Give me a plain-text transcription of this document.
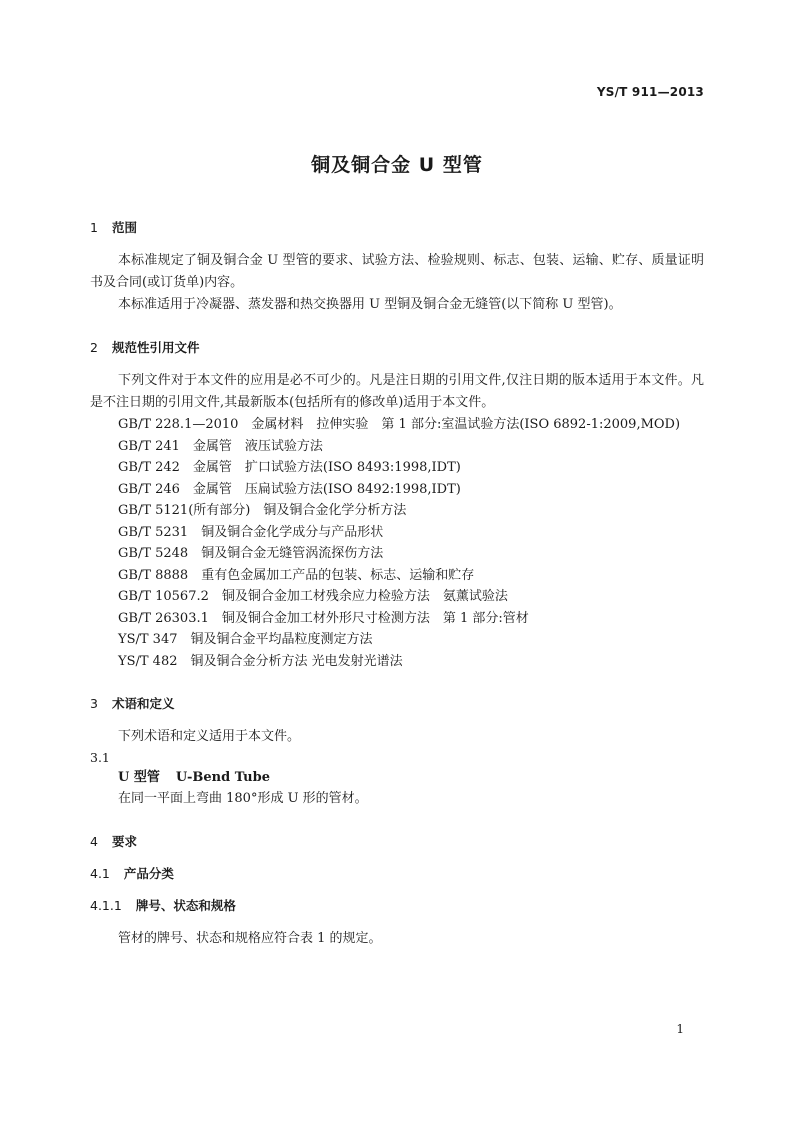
YS/T 911—2013
铜及铜合金 U 型管
1 范围
本标准规定了铜及铜合金 U 型管的要求、试验方法、检验规则、标志、包装、运输、贮存、质量证明书及合同(或订货单)内容。
本标准适用于冷凝器、蒸发器和热交换器用 U 型铜及铜合金无缝管(以下简称 U 型管)。
2 规范性引用文件
下列文件对于本文件的应用是必不可少的。凡是注日期的引用文件,仅注日期的版本适用于本文件。凡是不注日期的引用文件,其最新版本(包括所有的修改单)适用于本文件。
GB/T 228.1—2010　金属材料　拉伸实验　第 1 部分:室温试验方法(ISO 6892-1:2009,MOD)
GB/T 241　金属管　液压试验方法
GB/T 242　金属管　扩口试验方法(ISO 8493:1998,IDT)
GB/T 246　金属管　压扁试验方法(ISO 8492:1998,IDT)
GB/T 5121(所有部分)　铜及铜合金化学分析方法
GB/T 5231　铜及铜合金化学成分与产品形状
GB/T 5248　铜及铜合金无缝管涡流探伤方法
GB/T 8888　重有色金属加工产品的包装、标志、运输和贮存
GB/T 10567.2　铜及铜合金加工材残余应力检验方法　氨薰试验法
GB/T 26303.1　铜及铜合金加工材外形尺寸检测方法　第 1 部分:管材
YS/T 347　铜及铜合金平均晶粒度测定方法
YS/T 482　铜及铜合金分析方法 光电发射光谱法
3 术语和定义
下列术语和定义适用于本文件。
3.1
U 型管 U-Bend Tube
在同一平面上弯曲 180°形成 U 形的管材。
4 要求
4.1 产品分类
4.1.1 牌号、状态和规格
管材的牌号、状态和规格应符合表 1 的规定。
1
